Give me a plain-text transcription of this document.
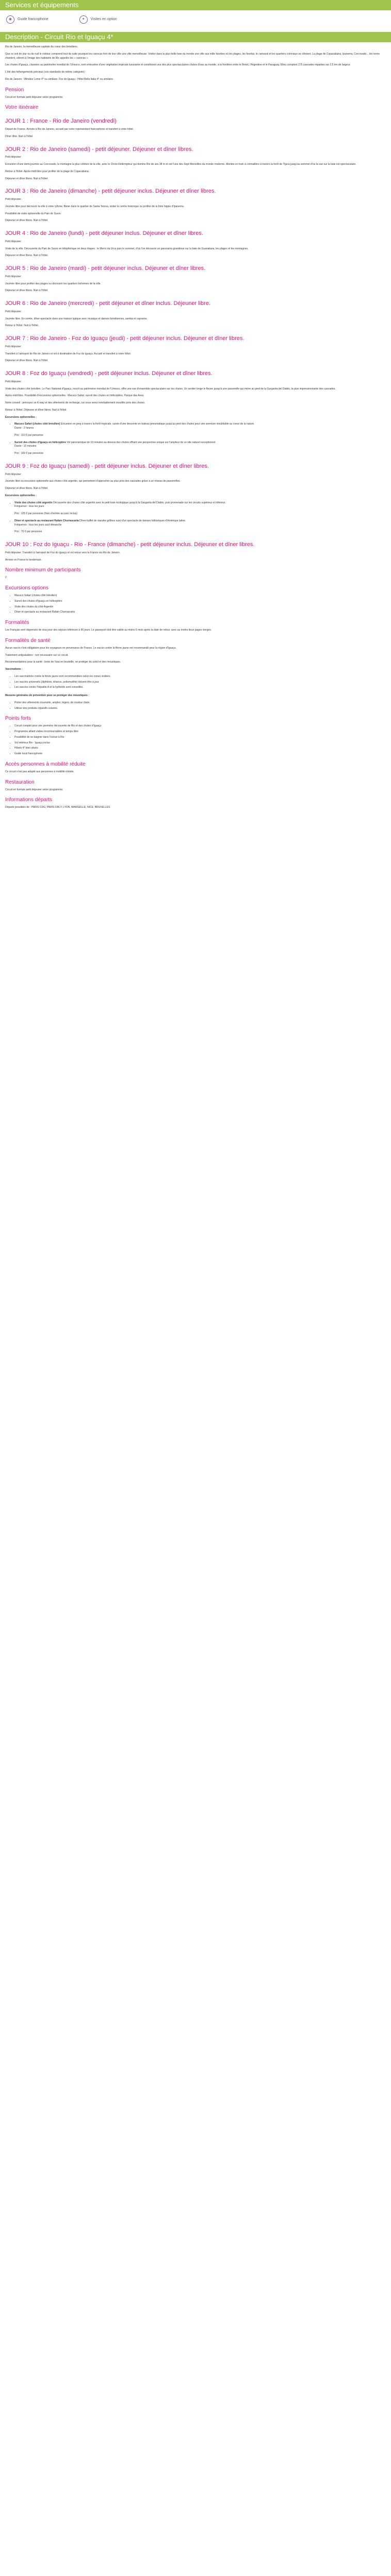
Services et équipements
◉	Guide francophone	✦	Visites en option
Description - Circuit Rio et Iguaçu 4*

Rio de Janeiro, la merveilleuse capitale du coeur des brésiliens.

Que ce soit de jour ou de nuit le visiteur comprend tout de suite pourquoi les cariocas font de leur ville une ville merveilleuse. Visitez dans la plus belle baie du monde une ville aux mille facettes où les plages, les favelas, le carnaval et les quartiers coloniaux se côtoient. La plage de Copacabana, Ipanema, Corcovado... les noms chantent, vibrent à l'image des habitants de Rio appelés les « cariocas ».

Les chutes d'Iguaçu, classées au patrimoine mondial de l'Unesco, sont entourées d'une végétation tropicale luxuriante et constituent une des plus spectaculaires chutes d'eau au monde, à la frontière entre le Brésil, l'Argentine et le Paraguay. Elles comptent 275 cascades réparties sur 2,5 km de largeur.

L'été des hébergements précieux (vos standards de même catégorie) :

Rio de Janeiro : Windsor Leme 4* ou similaire. Foz do Iguaçu : Hôtel Bella Italia 4* ou similaire.

Pension

Circuit en formule petit déjeuner selon programme.

Votre itinéraire
JOUR 1 : France - Rio de Janeiro (vendredi)

Départ de France. Arrivée à Rio de Janeiro, accueil par notre représentant francophone et transfert à votre hôtel.

Dîner libre. Nuit à l'hôtel.

JOUR 2 : Rio de Janeiro (samedi) - petit déjeuner. Déjeuner et dîner libres.

Petit déjeuner.

Excursion d'une demi-journée au Corcovado, la montagne la plus célèbre de la ville, avec le Christ Rédempteur qui domine Rio de ses 38 m et est l'une des Sept Merveilles du monde moderne. Montée en train à crémaillère à travers la forêt de Tijuca jusqu'au sommet d'où la vue sur la baie est spectaculaire.

Retour à l'hôtel. Après-midi libre pour profiter de la plage de Copacabana.

Déjeuner et dîner libres. Nuit à l'hôtel.

JOUR 3 : Rio de Janeiro (dimanche) - petit déjeuner inclus. Déjeuner et dîner libres.

Petit déjeuner.

Journée libre pour découvrir la ville à votre rythme, flâner dans le quartier de Santa Teresa, visiter le centre historique ou profiter de la foire hippie d'Ipanema.

Possibilité de visite optionnelle du Pain de Sucre.

Déjeuner et dîner libres. Nuit à l'hôtel.

JOUR 4 : Rio de Janeiro (lundi) - petit déjeuner inclus. Déjeuner et dîner libres.

Petit déjeuner.

Visite de la ville. Découverte du Pain de Sucre en téléphérique en deux étapes : le Morro da Urca puis le sommet, d'où l'on découvre un panorama grandiose sur la baie de Guanabara, les plages et les montagnes.

Déjeuner et dîner libres. Nuit à l'hôtel.

JOUR 5 : Rio de Janeiro (mardi) - petit déjeuner inclus. Déjeuner et dîner libres.

Petit déjeuner.

Journée libre pour profiter des plages ou découvrir les quartiers bohèmes de la ville.

Déjeuner et dîner libres. Nuit à l'hôtel.

JOUR 6 : Rio de Janeiro (mercredi) - petit déjeuner et dîner inclus. Déjeuner libre.

Petit déjeuner.

Journée libre. En soirée, dîner-spectacle dans une maison typique avec musique et danses brésiliennes, samba et capoeira.

Retour à l'hôtel. Nuit à l'hôtel.

JOUR 7 : Rio de Janeiro - Foz do Iguaçu (jeudi) - petit déjeuner inclus. Déjeuner et dîner libres.

Petit déjeuner.

Transfert à l'aéroport de Rio de Janeiro et vol à destination de Foz do Iguaçu. Accueil et transfert à votre hôtel.

Déjeuner et dîner libres. Nuit à l'hôtel.

JOUR 8 : Foz do Iguaçu (vendredi) - petit déjeuner inclus. Déjeuner et dîner libres.

Petit déjeuner.

Visite des chutes côté brésilien. Le Parc National d'Iguaçu, inscrit au patrimoine mondial de l'Unesco, offre une vue d'ensemble spectaculaire sur les chutes. Un sentier longe le fleuve jusqu'à une passerelle qui mène au pied de la Garganta del Diablo, la plus impressionnante des cascades.

Après-midi libre. Possibilité d'excursions optionnelles : Macuco Safari, survol des chutes en hélicoptère, Parque das Aves.

Notre conseil : prévoyez un K-way et des vêtements de rechange, car vous serez inévitablement mouillés près des chutes.

Retour à l'hôtel. Déjeuner et dîner libres. Nuit à l'hôtel.

Excursions optionnelles :

• Macuco Safari (chutes côté brésilien) Excursion en jeep à travers la forêt tropicale, suivie d'une descente en bateau pneumatique jusqu'au pied des chutes pour une aventure inoubliable au coeur de la nature.

Durée : 2 heures

Prix : 110 € par personne

• Survol des chutes d'Iguaçu en hélicoptère Vol panoramique de 10 minutes au-dessus des chutes offrant une perspective unique sur l'ampleur de ce site naturel exceptionnel.

Durée : 10 minutes

Prix : 169 € par personne

JOUR 9 : Foz do Iguaçu (samedi) - petit déjeuner inclus. Déjeuner et dîner libres.

Petit déjeuner.

Journée libre ou excursion optionnelle aux chutes côté argentin, qui permettent d'approcher au plus près des cascades grâce à un réseau de passerelles.

Déjeuner et dîner libres. Nuit à l'hôtel.

Excursions optionnelles :

• Visite des chutes côté argentin Découverte des chutes côté argentin avec le petit train écologique jusqu'à la Garganta del Diablo, puis promenade sur les circuits supérieur et inférieur.

Fréquence : tous les jours

Prix : 125 € par personne (frais d'entrée au parc inclus)

• Dîner et spectacle au restaurant Rafain Churrascaria Dîner-buffet de viandes grillées suivi d'un spectacle de danses folkloriques d'Amérique latine.

Fréquence : tous les jours sauf dimanche

Prix : 75 € par personne

JOUR 10 : Foz do Iguaçu - Rio - France (dimanche) - petit déjeuner inclus. Déjeuner et dîner libres.

Petit déjeuner. Transfert à l'aéroport de Foz do Iguaçu et vol retour vers la France via Rio de Janeiro.

Arrivée en France le lendemain.

Nombre minimum de participants

2

Excursions options
• Macuco Safari (chutes côté brésilien)
• Survol des chutes d'Iguaçu en hélicoptère
• Visite des chutes du côté Argentin
• Dîner et spectacle au restaurant Rafain Churrascaria
Formalités

Les Français sont dispensés de visa pour des séjours inférieurs à 90 jours. Le passeport doit être valide au moins 6 mois après la date de retour, avec au moins deux pages vierges.

Formalités de santé

Aucun vaccin n'est obligatoire pour les voyageurs en provenance de France. Le vaccin contre la fièvre jaune est recommandé pour la région d'Iguaçu.

Traitement antipaludéen : non nécessaire sur ce circuit.

Recommandations pour la santé : boire de l'eau en bouteille, se protéger du soleil et des moustiques.

Vaccinations :

• Les vaccinations contre la fièvre jaune sont recommandées selon les zones visitées.
• Les vaccins universels (diphtérie, tétanos, poliomyélite) doivent être à jour.
• Les vaccins contre l'hépatite A et la typhoïde sont conseillés.

Mesures générales de prévention pour se protéger des moustiques :

• Porter des vêtements couvrants, amples, légers, de couleur claire.
• Utiliser des produits répulsifs cutanés.
Points forts
• Circuit complet pour une première découverte de Rio et des chutes d'Iguaçu
• Programme alliant visites incontournables et temps libre
• Possibilité de se baigner dans l'océan à Rio
• Vol intérieur Rio - Iguaçu inclus
• Hôtels 4* bien situés
• Guide local francophone
Accès personnes à mobilité réduite

Ce circuit n'est pas adapté aux personnes à mobilité réduite.

Restauration

Circuit en formule petit déjeuner selon programme.

Informations départs

Départs possibles de : PARIS CDG, PARIS ORLY, LYON, MARSEILLE, NICE, BRUXELLES
